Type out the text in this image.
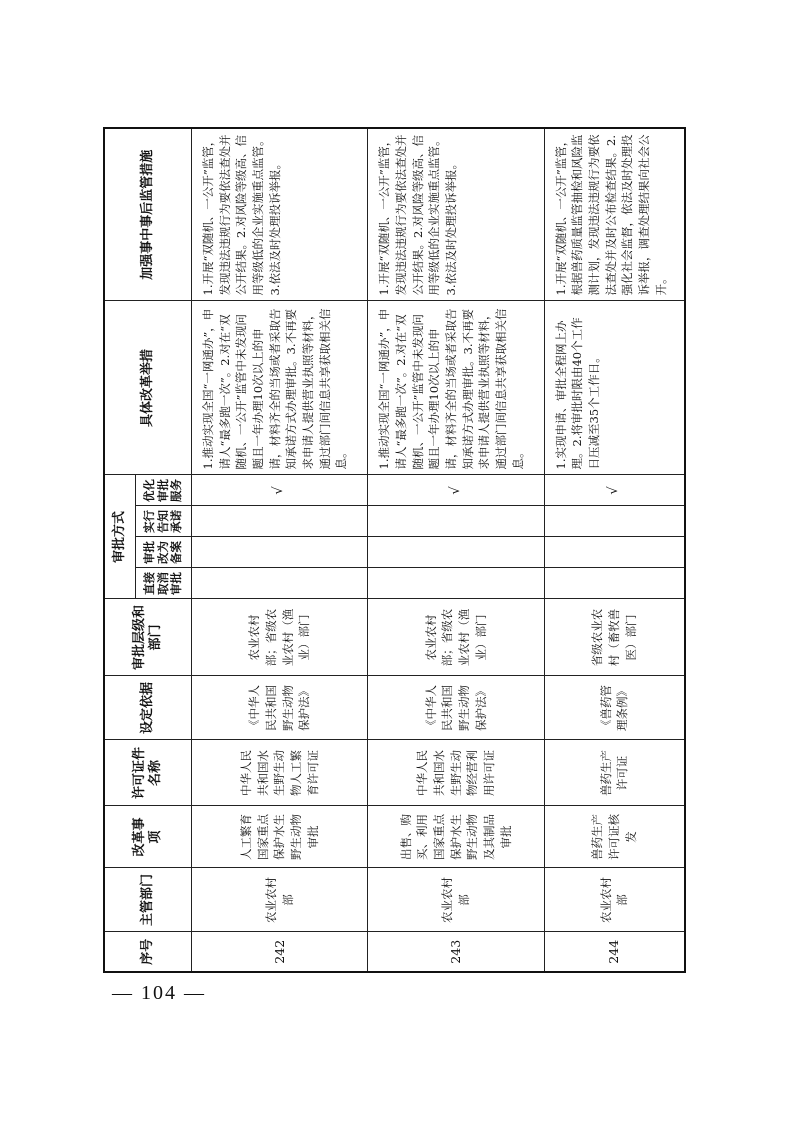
— 104 —
序号	主管部门	改革事项	许可证件名称	设定依据	审批层级和部门	审批方式				具体改革举措	加强事中事后监管措施
						直接取消审批	审批改为备案	实行告知承诺	优化审批服务		
242	农业农村部	人工繁育国家重点保护水生野生动物审批	中华人民共和国水生野生动物人工繁育许可证	《中华人民共和国野生动物保护法》	农业农村部；省级农业农村（渔业）部门				√	1.推动实现全国“一网通办”，申请人“最多跑一次”。2.对在“双随机、一公开”监管中未发现问题且一年办理10次以上的申请，材料齐全的当场或者采取告知承诺方式办理审批。3.不再要求申请人提供营业执照等材料，通过部门间信息共享获取相关信息。	1.开展“双随机、一公开”监管，发现违法违规行为要依法查处并公开结果。2.对风险等级高、信用等级低的企业实施重点监管。3.依法及时处理投诉举报。
243	农业农村部	出售、购买、利用国家重点保护水生野生动物及其制品审批	中华人民共和国水生野生动物经营利用许可证	《中华人民共和国野生动物保护法》	农业农村部；省级农业农村（渔业）部门				√	1.推动实现全国“一网通办”，申请人“最多跑一次”。2.对在“双随机、一公开”监管中未发现问题且一年办理10次以上的申请，材料齐全的当场或者采取告知承诺方式办理审批。3.不再要求申请人提供营业执照等材料，通过部门间信息共享获取相关信息。	1.开展“双随机、一公开”监管，发现违法违规行为要依法查处并公开结果。2.对风险等级高、信用等级低的企业实施重点监管。3.依法及时处理投诉举报。
244	农业农村部	兽药生产许可证核发	兽药生产许可证	《兽药管理条例》	省级农业农村（畜牧兽医）部门				√	1.实现申请、审批全程网上办理。2.将审批时限由40个工作日压减至35个工作日。	1.开展“双随机、一公开”监管，根据兽药质量监管抽检和风险监测计划，发现违法违规行为要依法查处并及时公布检查结果。2.强化社会监督，依法及时处理投诉举报，调查处理结果向社会公开。
